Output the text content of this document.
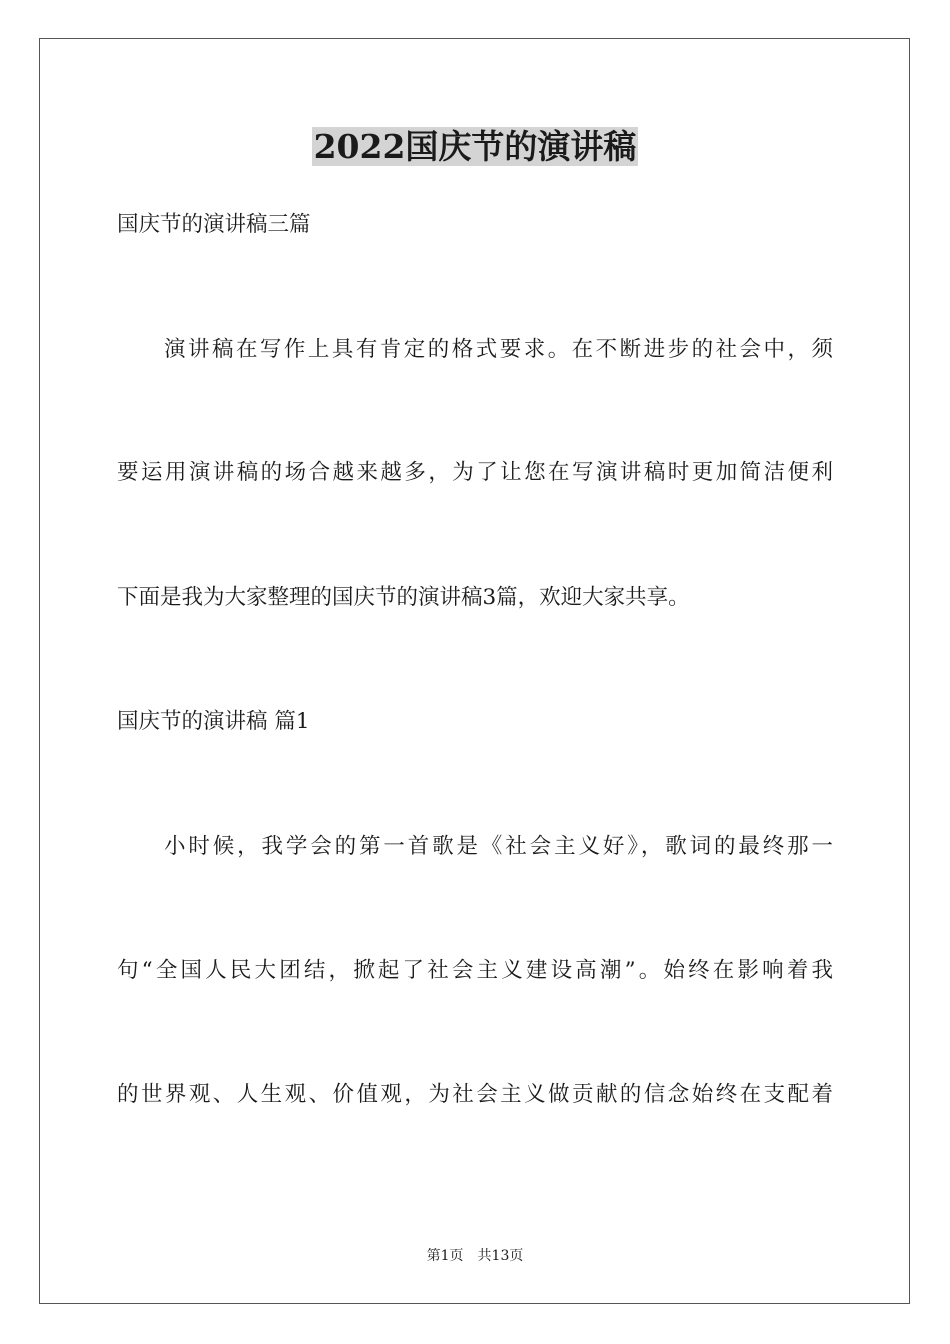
2022国庆节的演讲稿
国庆节的演讲稿三篇
演讲稿在写作上具有肯定的格式要求。在不断进步的社会中，须
要运用演讲稿的场合越来越多，为了让您在写演讲稿时更加简洁便利
下面是我为大家整理的国庆节的演讲稿3篇，欢迎大家共享。
国庆节的演讲稿 篇1
小时候，我学会的第一首歌是《社会主义好》，歌词的最终那一
句“全国人民大团结，掀起了社会主义建设高潮”。始终在影响着我
的世界观、人生观、价值观，为社会主义做贡献的信念始终在支配着
第1页 共13页
